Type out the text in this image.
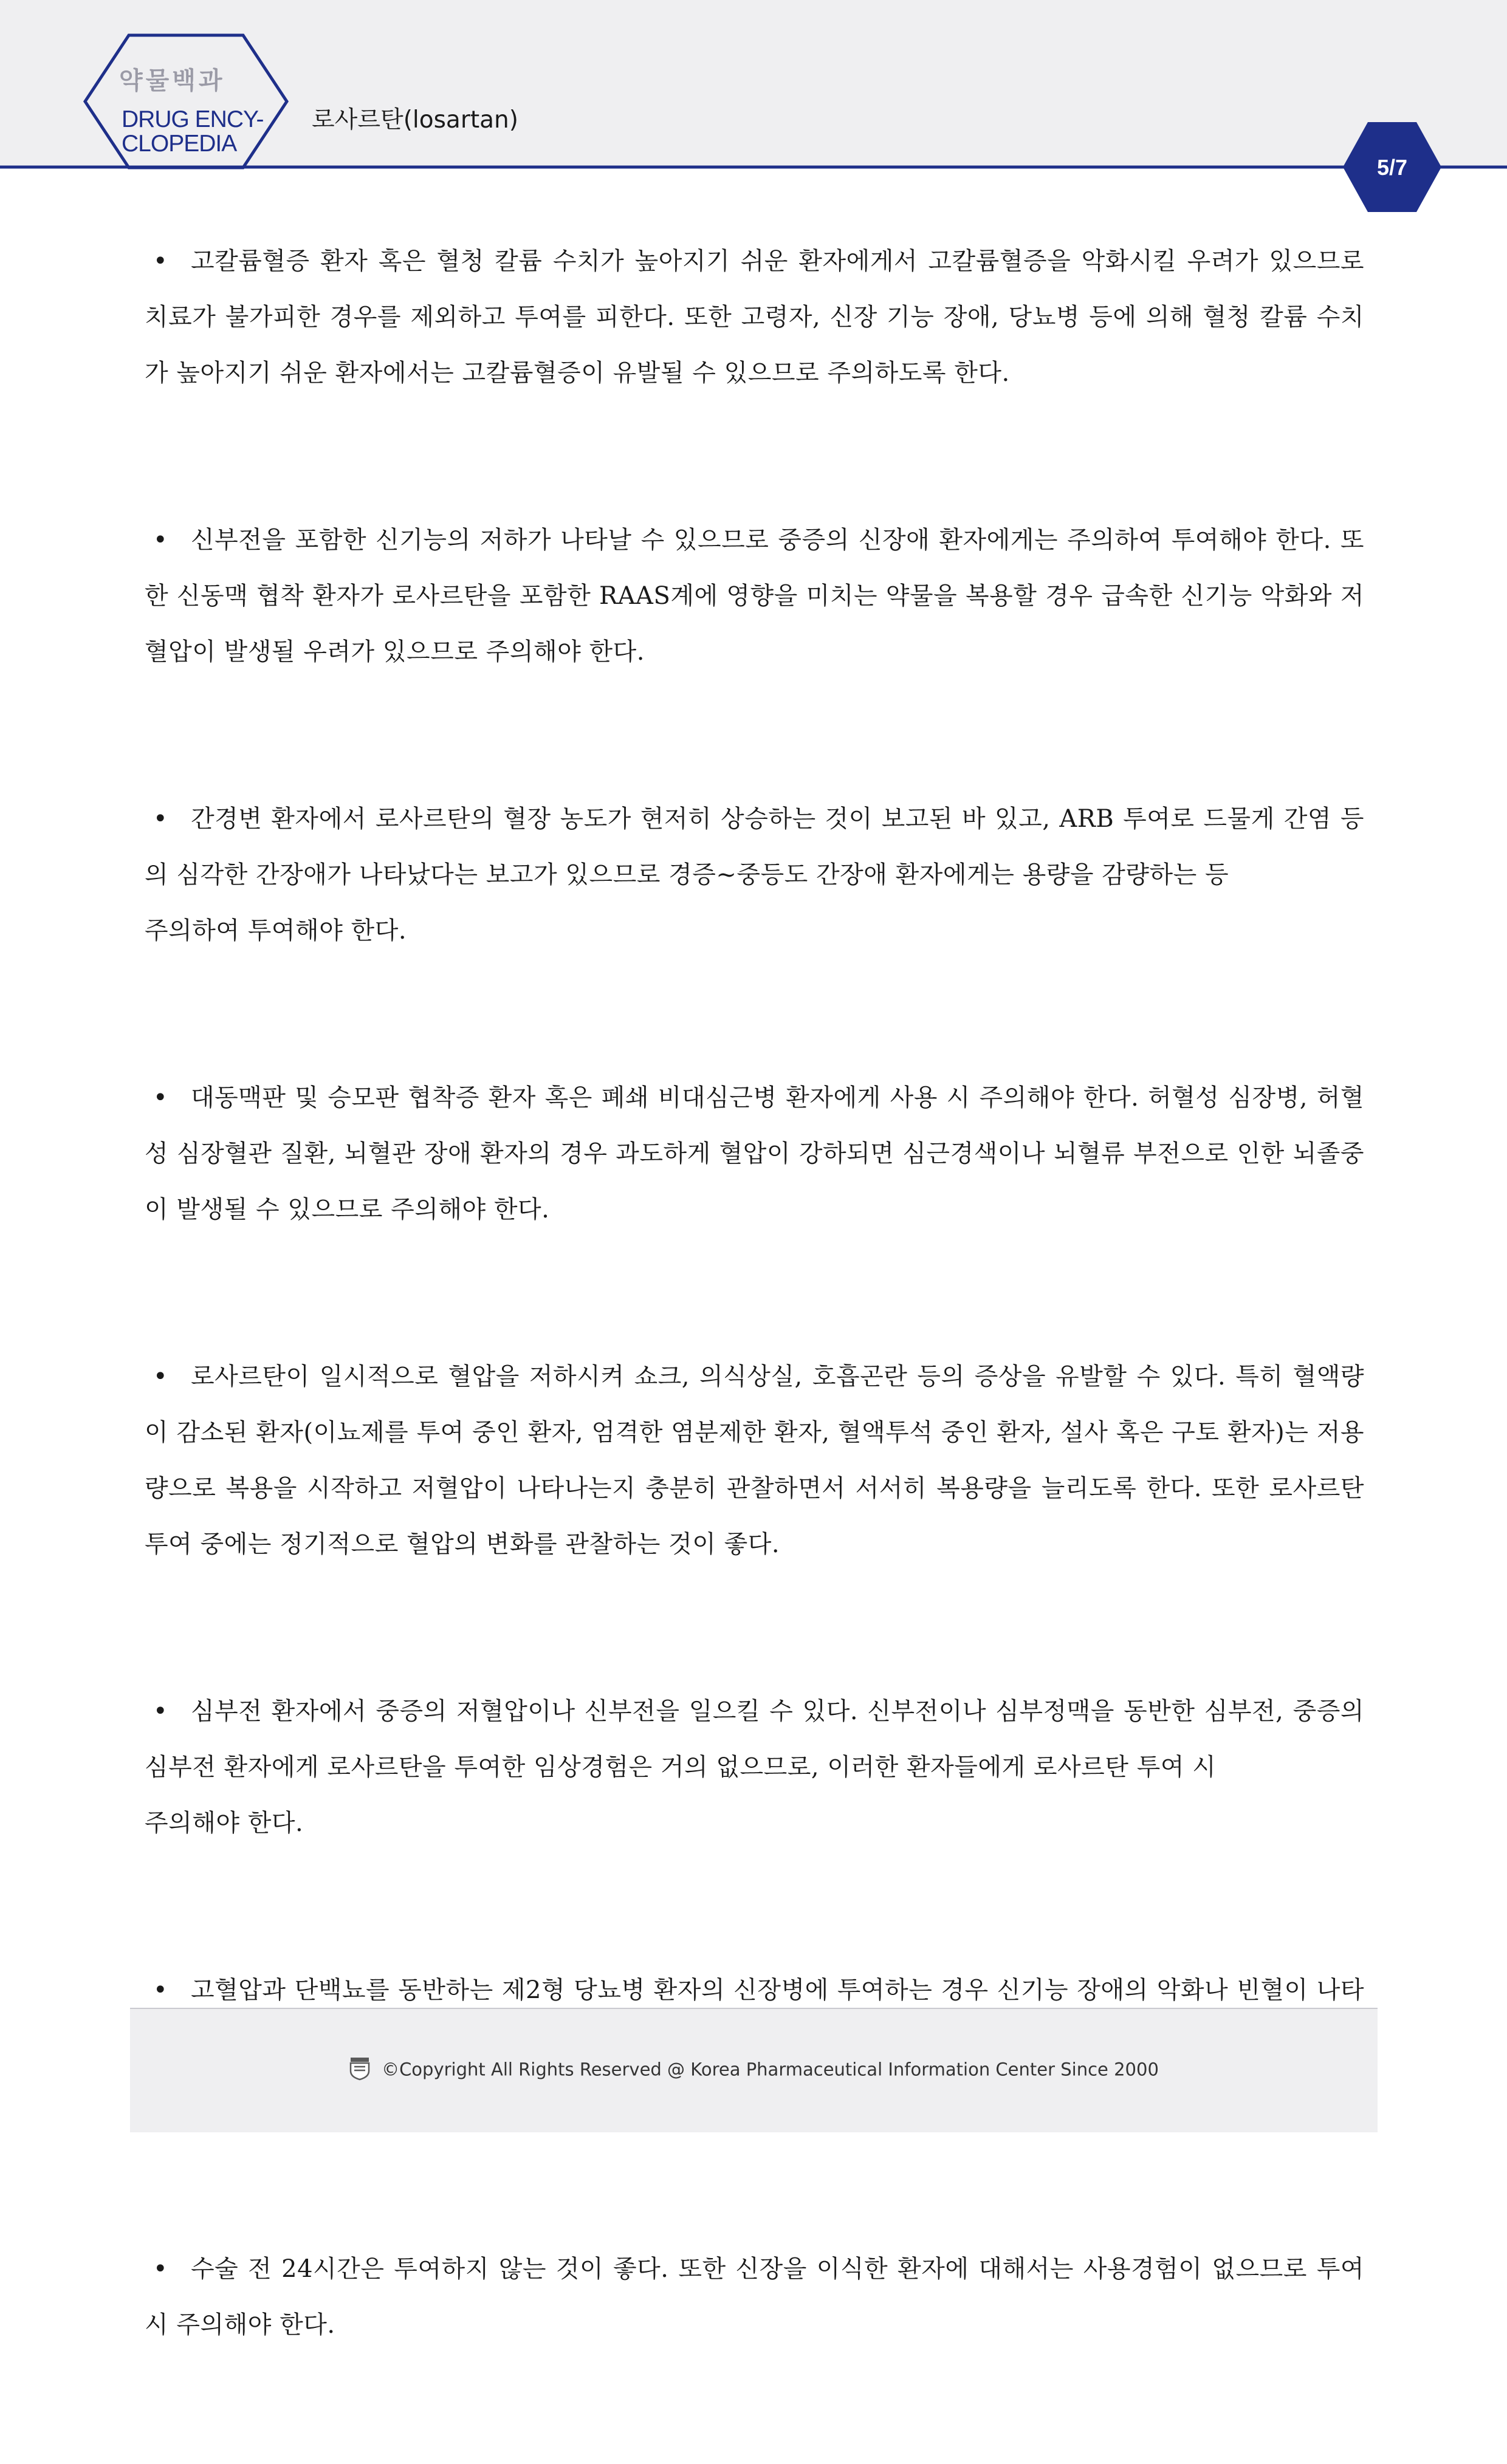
약물백과
DRUG ENCY-
CLOPEDIA
로사르탄(losartan)
5/7

• 고칼륨혈증 환자 혹은 혈청 칼륨 수치가 높아지기 쉬운 환자에게서 고칼륨혈증을 악화시킬 우려가 있으므로 치료가 불가피한 경우를 제외하고 투여를 피한다. 또한 고령자, 신장 기능 장애, 당뇨병 등에 의해 혈청 칼륨 수치가 높아지기 쉬운 환자에서는 고칼륨혈증이 유발될 수 있으므로 주의하도록 한다.

• 신부전을 포함한 신기능의 저하가 나타날 수 있으므로 중증의 신장애 환자에게는 주의하여 투여해야 한다. 또한 신동맥 협착 환자가 로사르탄을 포함한 RAAS계에 영향을 미치는 약물을 복용할 경우 급속한 신기능 악화와 저혈압이 발생될 우려가 있으므로 주의해야 한다.

• 간경변 환자에서 로사르탄의 혈장 농도가 현저히 상승하는 것이 보고된 바 있고, ARB 투여로 드물게 간염 등의 심각한 간장애가 나타났다는 보고가 있으므로 경증~중등도 간장애 환자에게는 용량을 감량하는 등
주의하여 투여해야 한다.

• 대동맥판 및 승모판 협착증 환자 혹은 폐쇄 비대심근병 환자에게 사용 시 주의해야 한다. 허혈성 심장병, 허혈성 심장혈관 질환, 뇌혈관 장애 환자의 경우 과도하게 혈압이 강하되면 심근경색이나 뇌혈류 부전으로 인한 뇌졸중이 발생될 수 있으므로 주의해야 한다.

• 로사르탄이 일시적으로 혈압을 저하시켜 쇼크, 의식상실, 호흡곤란 등의 증상을 유발할 수 있다. 특히 혈액량이 감소된 환자(이뇨제를 투여 중인 환자, 엄격한 염분제한 환자, 혈액투석 중인 환자, 설사 혹은 구토 환자)는 저용량으로 복용을 시작하고 저혈압이 나타나는지 충분히 관찰하면서 서서히 복용량을 늘리도록 한다. 또한 로사르탄 투여 중에는 정기적으로 혈압의 변화를 관찰하는 것이 좋다.

• 심부전 환자에서 중증의 저혈압이나 신부전을 일으킬 수 있다. 신부전이나 심부정맥을 동반한 심부전, 중증의 심부전 환자에게 로사르탄을 투여한 임상경험은 거의 없으므로, 이러한 환자들에게 로사르탄 투여 시
주의해야 한다.

• 고혈압과 단백뇨를 동반하는 제2형 당뇨병 환자의 신장병에 투여하는 경우 신기능 장애의 악화나 빈혈이 나타

• 수술 전 24시간은 투여하지 않는 것이 좋다. 또한 신장을 이식한 환자에 대해서는 사용경험이 없으므로 투여 시 주의해야 한다.

©Copyright All Rights Reserved @ Korea Pharmaceutical Information Center Since 2000
